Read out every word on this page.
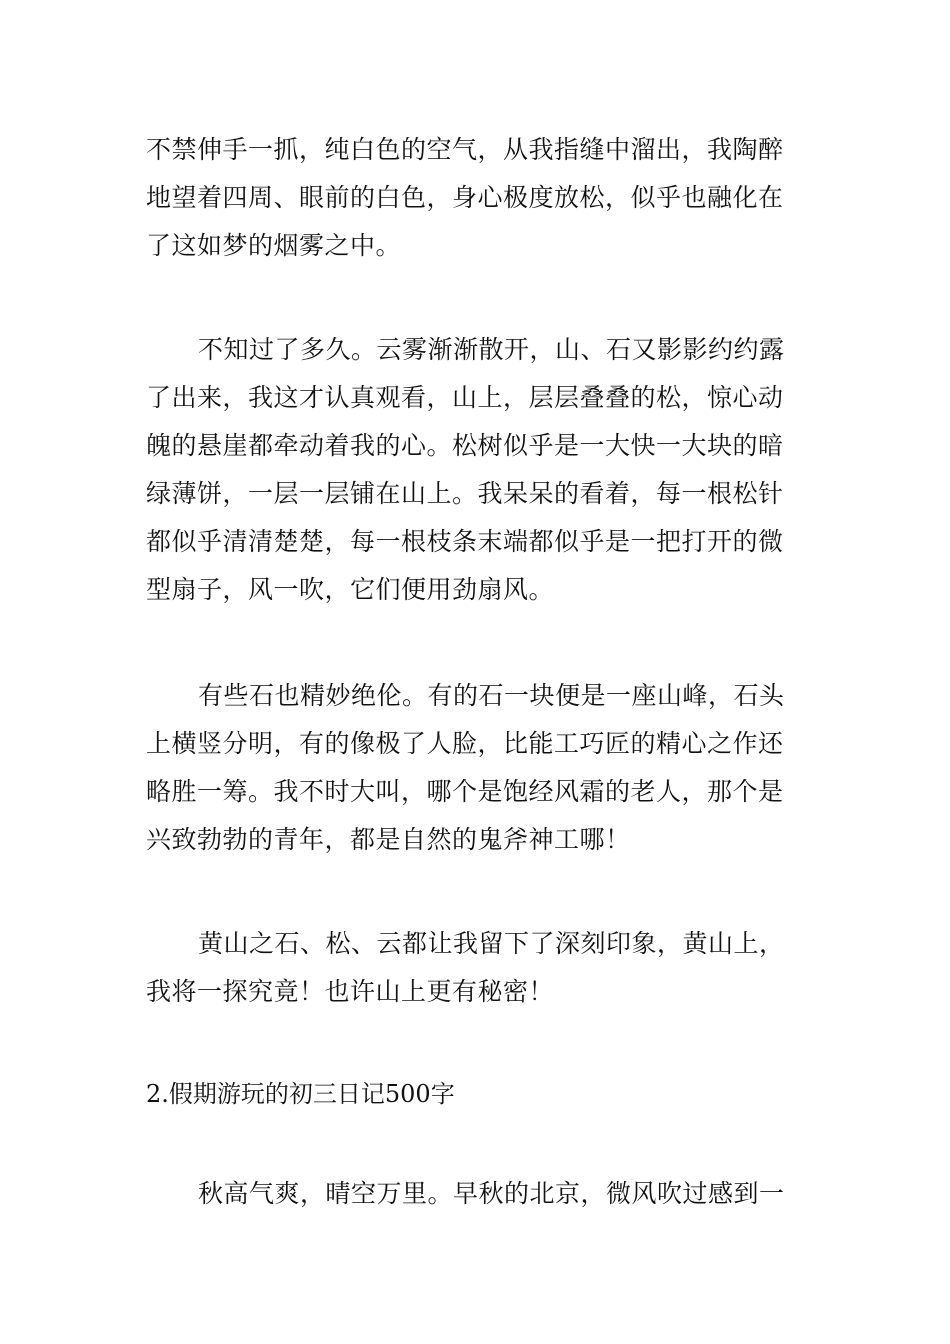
不禁伸手一抓，纯白色的空气，从我指缝中溜出，我陶醉
地望着四周、眼前的白色，身心极度放松，似乎也融化在
了这如梦的烟雾之中。
不知过了多久。云雾渐渐散开，山、石又影影约约露
了出来，我这才认真观看，山上，层层叠叠的松，惊心动
魄的悬崖都牵动着我的心。松树似乎是一大快一大块的暗
绿薄饼，一层一层铺在山上。我呆呆的看着，每一根松针
都似乎清清楚楚，每一根枝条末端都似乎是一把打开的微
型扇子，风一吹，它们便用劲扇风。
有些石也精妙绝伦。有的石一块便是一座山峰，石头
上横竖分明，有的像极了人脸，比能工巧匠的精心之作还
略胜一筹。我不时大叫，哪个是饱经风霜的老人，那个是
兴致勃勃的青年，都是自然的鬼斧神工哪！
黄山之石、松、云都让我留下了深刻印象，黄山上，
我将一探究竟！也许山上更有秘密！
2.假期游玩的初三日记500字
秋高气爽，晴空万里。早秋的北京，微风吹过感到一
